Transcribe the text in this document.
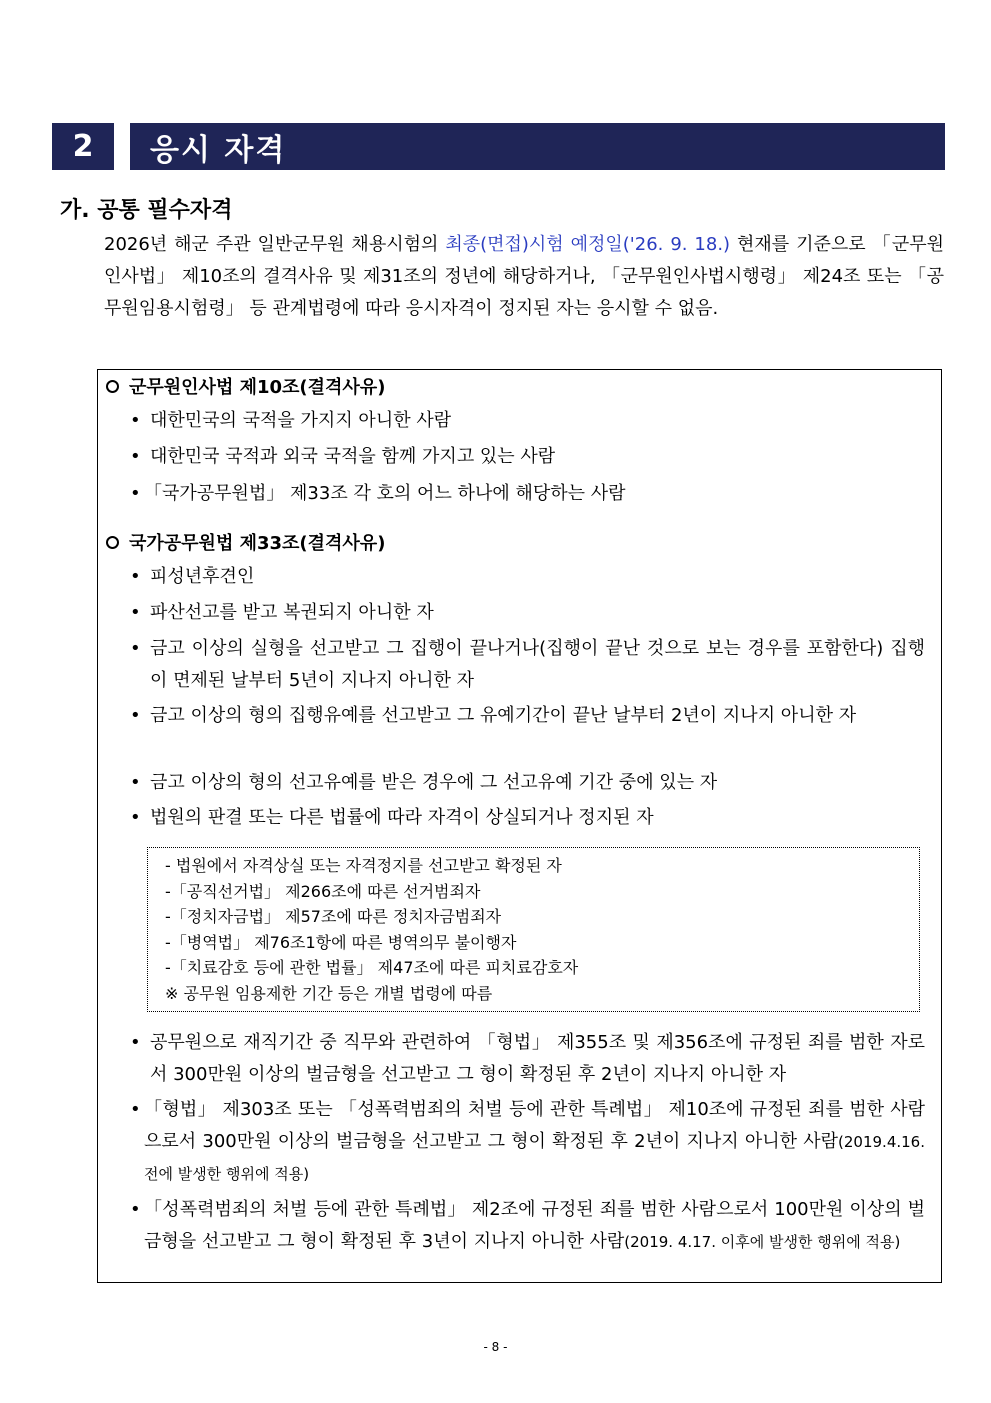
2	응시 자격
가. 공통 필수자격
2026년 해군 주관 일반군무원 채용시험의 최종(면접)시험 예정일('26. 9. 18.) 현재를 기준으로 「군무원인사법」 제10조의 결격사유 및 제31조의 정년에 해당하거나, 「군무원인사법시행령」 제24조 또는 「공무원임용시험령」 등 관계법령에 따라 응시자격이 정지된 자는 응시할 수 없음.
군무원인사법 제10조(결격사유)
• 대한민국의 국적을 가지지 아니한 사람
• 대한민국 국적과 외국 국적을 함께 가지고 있는 사람
• 「국가공무원법」 제33조 각 호의 어느 하나에 해당하는 사람
국가공무원법 제33조(결격사유)
• 피성년후견인
• 파산선고를 받고 복권되지 아니한 자
• 금고 이상의 실형을 선고받고 그 집행이 끝나거나(집행이 끝난 것으로 보는 경우를 포함한다) 집행이 면제된 날부터 5년이 지나지 아니한 자
• 금고 이상의 형의 집행유예를 선고받고 그 유예기간이 끝난 날부터 2년이 지나지 아니한 자
• 금고 이상의 형의 선고유예를 받은 경우에 그 선고유예 기간 중에 있는 자
• 법원의 판결 또는 다른 법률에 따라 자격이 상실되거나 정지된 자
- 법원에서 자격상실 또는 자격정지를 선고받고 확정된 자
-「공직선거법」 제266조에 따른 선거범죄자
-「정치자금법」 제57조에 따른 정치자금범죄자
-「병역법」 제76조1항에 따른 병역의무 불이행자
-「치료감호 등에 관한 법률」 제47조에 따른 피치료감호자
※ 공무원 임용제한 기간 등은 개별 법령에 따름
• 공무원으로 재직기간 중 직무와 관련하여 「형법」 제355조 및 제356조에 규정된 죄를 범한 자로서 300만원 이상의 벌금형을 선고받고 그 형이 확정된 후 2년이 지나지 아니한 자
• 「형법」 제303조 또는 「성폭력범죄의 처벌 등에 관한 특례법」 제10조에 규정된 죄를 범한 사람으로서 300만원 이상의 벌금형을 선고받고 그 형이 확정된 후 2년이 지나지 아니한 사람(2019.4.16. 전에 발생한 행위에 적용)
• 「성폭력범죄의 처벌 등에 관한 특례법」 제2조에 규정된 죄를 범한 사람으로서 100만원 이상의 벌금형을 선고받고 그 형이 확정된 후 3년이 지나지 아니한 사람(2019. 4.17. 이후에 발생한 행위에 적용)
- 8 -
